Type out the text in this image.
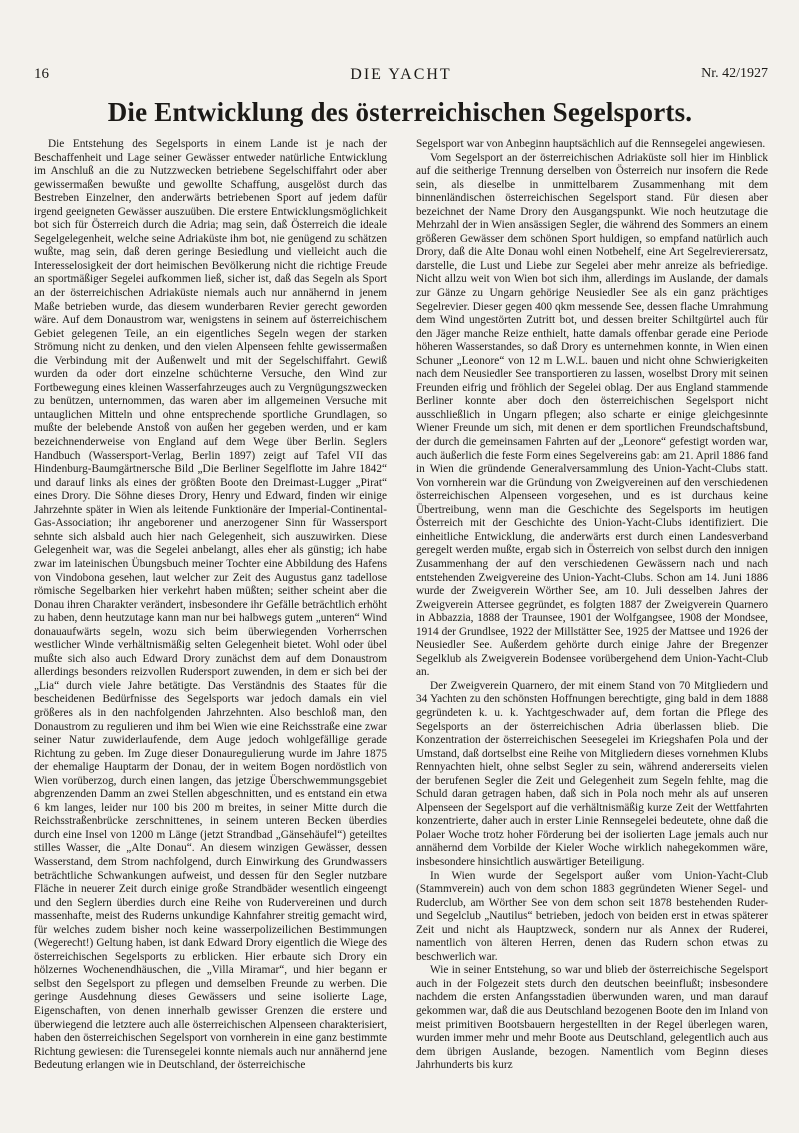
16	DIE YACHT	Nr. 42/1927
Die Entwicklung des österreichischen Segelsports.

Die Entstehung des Segelsports in einem Lande ist je nach der Beschaffenheit und Lage seiner Gewässer entweder natürliche Entwicklung im Anschluß an die zu Nutzzwecken betriebene Segelschiffahrt oder aber gewissermaßen bewußte und gewollte Schaffung, ausgelöst durch das Bestreben Einzelner, den anderwärts betriebenen Sport auf jedem dafür irgend geeigneten Gewässer auszuüben. Die erstere Entwicklungsmöglichkeit bot sich für Österreich durch die Adria; mag sein, daß Österreich die ideale Segelgelegenheit, welche seine Adriaküste ihm bot, nie genügend zu schätzen wußte, mag sein, daß deren geringe Besiedlung und vielleicht auch die Interesselosigkeit der dort heimischen Bevölkerung nicht die richtige Freude an sportmäßiger Segelei aufkommen ließ, sicher ist, daß das Segeln als Sport an der österreichischen Adriaküste niemals auch nur annähernd in jenem Maße betrieben wurde, das diesem wunderbaren Revier gerecht geworden wäre. Auf dem Donaustrom war, wenigstens in seinem auf österreichischem Gebiet gelegenen Teile, an ein eigentliches Segeln wegen der starken Strömung nicht zu denken, und den vielen Alpenseen fehlte gewissermaßen die Verbindung mit der Außenwelt und mit der Segelschiffahrt. Gewiß wurden da oder dort einzelne schüchterne Versuche, den Wind zur Fortbewegung eines kleinen Wasserfahrzeuges auch zu Vergnügungszwecken zu benützen, unternommen, das waren aber im allgemeinen Versuche mit untauglichen Mitteln und ohne entsprechende sportliche Grundlagen, so mußte der belebende Anstoß von außen her gegeben werden, und er kam bezeichnenderweise von England auf dem Wege über Berlin. Seglers Handbuch (Wassersport-Verlag, Berlin 1897) zeigt auf Tafel VII das Hindenburg-Baumgärtnersche Bild „Die Berliner Segelflotte im Jahre 1842“ und darauf links als eines der größten Boote den Dreimast-Lugger „Pirat“ eines Drory. Die Söhne dieses Drory, Henry und Edward, finden wir einige Jahrzehnte später in Wien als leitende Funktionäre der Imperial-Continental-Gas-Association; ihr angeborener und anerzogener Sinn für Wassersport sehnte sich alsbald auch hier nach Gelegenheit, sich auszuwirken. Diese Gelegenheit war, was die Segelei anbelangt, alles eher als günstig; ich habe zwar im lateinischen Übungsbuch meiner Tochter eine Abbildung des Hafens von Vindobona gesehen, laut welcher zur Zeit des Augustus ganz tadellose römische Segelbarken hier verkehrt haben müßten; seither scheint aber die Donau ihren Charakter verändert, insbesondere ihr Gefälle beträchtlich erhöht zu haben, denn heutzutage kann man nur bei halbwegs gutem „unteren“ Wind donauaufwärts segeln, wozu sich beim überwiegenden Vorherrschen westlicher Winde verhältnismäßig selten Gelegenheit bietet. Wohl oder übel mußte sich also auch Edward Drory zunächst dem auf dem Donaustrom allerdings besonders reizvollen Rudersport zuwenden, in dem er sich bei der „Lia“ durch viele Jahre betätigte. Das Verständnis des Staates für die bescheidenen Bedürfnisse des Segelsports war jedoch damals ein viel größeres als in den nachfolgenden Jahrzehnten. Also beschloß man, den Donaustrom zu regulieren und ihm bei Wien wie eine Reichsstraße eine zwar seiner Natur zuwiderlaufende, dem Auge jedoch wohlgefällige gerade Richtung zu geben. Im Zuge dieser Donauregulierung wurde im Jahre 1875 der ehemalige Hauptarm der Donau, der in weitem Bogen nordöstlich von Wien vorüberzog, durch einen langen, das jetzige Überschwemmungsgebiet abgrenzenden Damm an zwei Stellen abgeschnitten, und es entstand ein etwa 6 km langes, leider nur 100 bis 200 m breites, in seiner Mitte durch die Reichsstraßenbrücke zerschnittenes, in seinem unteren Becken überdies durch eine Insel von 1200 m Länge (jetzt Strandbad „Gänsehäufel“) geteiltes stilles Wasser, die „Alte Donau“. An diesem winzigen Gewässer, dessen Wasserstand, dem Strom nachfolgend, durch Einwirkung des Grundwassers beträchtliche Schwankungen aufweist, und dessen für den Segler nutzbare Fläche in neuerer Zeit durch einige große Strandbäder wesentlich eingeengt und den Seglern überdies durch eine Reihe von Rudervereinen und durch massenhafte, meist des Ruderns unkundige Kahnfahrer streitig gemacht wird, für welches zudem bisher noch keine wasserpolizeilichen Bestimmungen (Wegerecht!) Geltung haben, ist dank Edward Drory eigentlich die Wiege des österreichischen Segelsports zu erblicken. Hier erbaute sich Drory ein hölzernes Wochenendhäuschen, die „Villa Miramar“, und hier begann er selbst den Segelsport zu pflegen und demselben Freunde zu werben. Die geringe Ausdehnung dieses Gewässers und seine isolierte Lage, Eigenschaften, von denen innerhalb gewisser Grenzen die erstere und überwiegend die letztere auch alle österreichischen Alpenseen charakterisiert, haben den österreichischen Segelsport von vornherein in eine ganz bestimmte Richtung gewiesen: die Turensegelei konnte niemals auch nur annähernd jene Bedeutung erlangen wie in Deutschland, der österreichische

Segelsport war von Anbeginn hauptsächlich auf die Rennsegelei angewiesen.

Vom Segelsport an der österreichischen Adriaküste soll hier im Hinblick auf die seitherige Trennung derselben von Österreich nur insofern die Rede sein, als dieselbe in unmittelbarem Zusammenhang mit dem binnenländischen österreichischen Segelsport stand. Für diesen aber bezeichnet der Name Drory den Ausgangspunkt. Wie noch heutzutage die Mehrzahl der in Wien ansässigen Segler, die während des Sommers an einem größeren Gewässer dem schönen Sport huldigen, so empfand natürlich auch Drory, daß die Alte Donau wohl einen Notbehelf, eine Art Segelrevierersatz, darstelle, die Lust und Liebe zur Segelei aber mehr anreize als befriedige. Nicht allzu weit von Wien bot sich ihm, allerdings im Auslande, der damals zur Gänze zu Ungarn gehörige Neusiedler See als ein ganz prächtiges Segelrevier. Dieser gegen 400 qkm messende See, dessen flache Umrahmung dem Wind ungestörten Zutritt bot, und dessen breiter Schiltgürtel auch für den Jäger manche Reize enthielt, hatte damals offenbar gerade eine Periode höheren Wasserstandes, so daß Drory es unternehmen konnte, in Wien einen Schuner „Leonore“ von 12 m L.W.L. bauen und nicht ohne Schwierigkeiten nach dem Neusiedler See transportieren zu lassen, woselbst Drory mit seinen Freunden eifrig und fröhlich der Segelei oblag. Der aus England stammende Berliner konnte aber doch den österreichischen Segelsport nicht ausschließlich in Ungarn pflegen; also scharte er einige gleichgesinnte Wiener Freunde um sich, mit denen er dem sportlichen Freundschaftsbund, der durch die gemeinsamen Fahrten auf der „Leonore“ gefestigt worden war, auch äußerlich die feste Form eines Segelvereins gab: am 21. April 1886 fand in Wien die gründende Generalversammlung des Union-Yacht-Clubs statt. Von vornherein war die Gründung von Zweigvereinen auf den verschiedenen österreichischen Alpenseen vorgesehen, und es ist durchaus keine Übertreibung, wenn man die Geschichte des Segelsports im heutigen Österreich mit der Geschichte des Union-Yacht-Clubs identifiziert. Die einheitliche Entwicklung, die anderwärts erst durch einen Landesverband geregelt werden mußte, ergab sich in Österreich von selbst durch den innigen Zusammenhang der auf den verschiedenen Gewässern nach und nach entstehenden Zweigvereine des Union-Yacht-Clubs. Schon am 14. Juni 1886 wurde der Zweigverein Wörther See, am 10. Juli desselben Jahres der Zweigverein Attersee gegründet, es folgten 1887 der Zweigverein Quarnero in Abbazzia, 1888 der Traunsee, 1901 der Wolfgangsee, 1908 der Mondsee, 1914 der Grundlsee, 1922 der Millstätter See, 1925 der Mattsee und 1926 der Neusiedler See. Außerdem gehörte durch einige Jahre der Bregenzer Segelklub als Zweigverein Bodensee vorübergehend dem Union-Yacht-Club an.

Der Zweigverein Quarnero, der mit einem Stand von 70 Mitgliedern und 34 Yachten zu den schönsten Hoffnungen berechtigte, ging bald in dem 1888 gegründeten k. u. k. Yachtgeschwader auf, dem fortan die Pflege des Segelsports an der österreichischen Adria überlassen blieb. Die Konzentration der österreichischen Seesegelei im Kriegshafen Pola und der Umstand, daß dortselbst eine Reihe von Mitgliedern dieses vornehmen Klubs Rennyachten hielt, ohne selbst Segler zu sein, während andererseits vielen der berufenen Segler die Zeit und Gelegenheit zum Segeln fehlte, mag die Schuld daran getragen haben, daß sich in Pola noch mehr als auf unseren Alpenseen der Segelsport auf die verhältnismäßig kurze Zeit der Wettfahrten konzentrierte, daher auch in erster Linie Rennsegelei bedeutete, ohne daß die Polaer Woche trotz hoher Förderung bei der isolierten Lage jemals auch nur annähernd dem Vorbilde der Kieler Woche wirklich nahegekommen wäre, insbesondere hinsichtlich auswärtiger Beteiligung.

In Wien wurde der Segelsport außer vom Union-Yacht-Club (Stammverein) auch von dem schon 1883 gegründeten Wiener Segel- und Ruderclub, am Wörther See von dem schon seit 1878 bestehenden Ruder- und Segelclub „Nautilus“ betrieben, jedoch von beiden erst in etwas späterer Zeit und nicht als Hauptzweck, sondern nur als Annex der Ruderei, namentlich von älteren Herren, denen das Rudern schon etwas zu beschwerlich war.

Wie in seiner Entstehung, so war und blieb der österreichische Segelsport auch in der Folgezeit stets durch den deutschen beeinflußt; insbesondere nachdem die ersten Anfangsstadien überwunden waren, und man darauf gekommen war, daß die aus Deutschland bezogenen Boote den im Inland von meist primitiven Bootsbauern hergestellten in der Regel überlegen waren, wurden immer mehr und mehr Boote aus Deutschland, gelegentlich auch aus dem übrigen Auslande, bezogen. Namentlich vom Beginn dieses Jahrhunderts bis kurz
